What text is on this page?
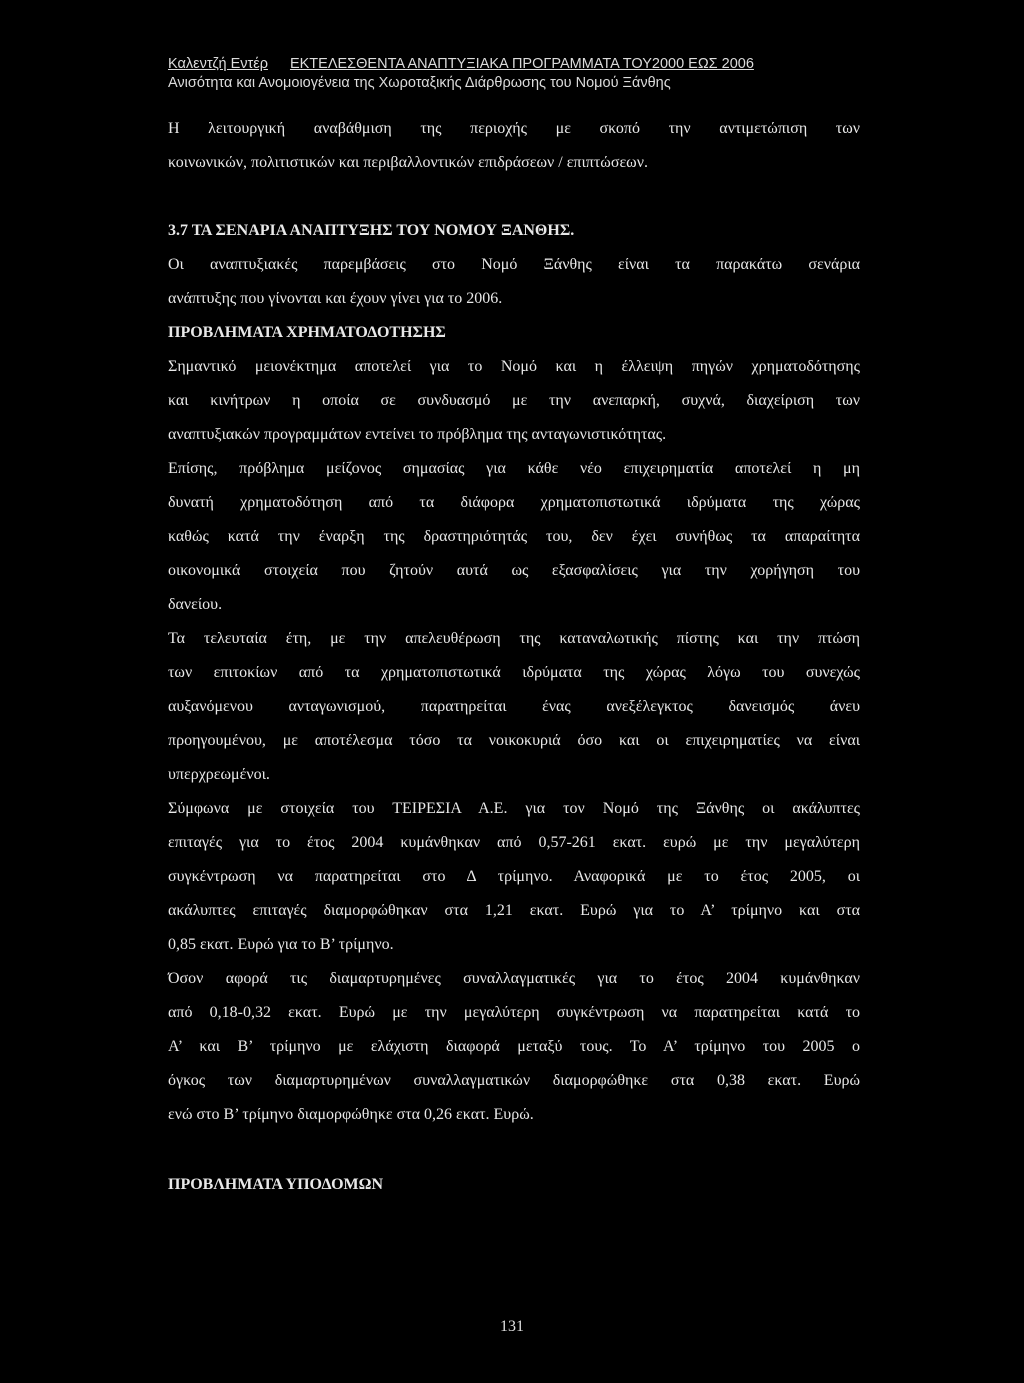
Καλεντζή Εντέρ ΕΚΤΕΛΕΣΘΕΝΤΑ ΑΝΑΠΤΥΞΙΑΚΑ ΠΡΟΓΡΑΜΜΑΤΑ ΤΟΥ2000 ΕΩΣ 2006
Ανισότητα και Ανομοιογένεια της Χωροταξικής Διάρθρωσης του Νομού Ξάνθης

Η λειτουργική αναβάθμιση της περιοχής με σκοπό την αντιμετώπιση των
κοινωνικών, πολιτιστικών και περιβαλλοντικών επιδράσεων / επιπτώσεων.

3.7 ΤΑ ΣΕΝΑΡΙΑ ΑΝΑΠΤΥΞΗΣ ΤΟΥ ΝΟΜΟΥ ΞΑΝΘΗΣ.

Οι αναπτυξιακές παρεμβάσεις στο Νομό Ξάνθης είναι τα παρακάτω σενάρια
ανάπτυξης που γίνονται και έχουν γίνει για το 2006.

ΠΡΟΒΛΗΜΑΤΑ ΧΡΗΜΑΤΟΔΟΤΗΣΗΣ

Σημαντικό μειονέκτημα αποτελεί για το Νομό και η έλλειψη πηγών χρηματοδότησης
και κινήτρων η οποία σε συνδυασμό με την ανεπαρκή, συχνά, διαχείριση των
αναπτυξιακών προγραμμάτων εντείνει το πρόβλημα της ανταγωνιστικότητας.

Επίσης, πρόβλημα μείζονος σημασίας για κάθε νέο επιχειρηματία αποτελεί η μη
δυνατή χρηματοδότηση από τα διάφορα χρηματοπιστωτικά ιδρύματα της χώρας
καθώς κατά την έναρξη της δραστηριότητάς του, δεν έχει συνήθως τα απαραίτητα
οικονομικά στοιχεία που ζητούν αυτά ως εξασφαλίσεις για την χορήγηση του
δανείου.

Τα τελευταία έτη, με την απελευθέρωση της καταναλωτικής πίστης και την πτώση
των επιτοκίων από τα χρηματοπιστωτικά ιδρύματα της χώρας λόγω του συνεχώς
αυξανόμενου ανταγωνισμού, παρατηρείται ένας ανεξέλεγκτος δανεισμός άνευ
προηγουμένου, με αποτέλεσμα τόσο τα νοικοκυριά όσο και οι επιχειρηματίες να είναι
υπερχρεωμένοι.

Σύμφωνα με στοιχεία του ΤΕΙΡΕΣΙΑ Α.Ε. για τον Νομό της Ξάνθης οι ακάλυπτες
επιταγές για το έτος 2004 κυμάνθηκαν από 0,57-261 εκατ. ευρώ με την μεγαλύτερη
συγκέντρωση να παρατηρείται στο Δ τρίμηνο. Αναφορικά με το έτος 2005, οι
ακάλυπτες επιταγές διαμορφώθηκαν στα 1,21 εκατ. Ευρώ για το Α’ τρίμηνο και στα
0,85 εκατ. Ευρώ για το Β’ τρίμηνο.

Όσον αφορά τις διαμαρτυρημένες συναλλαγματικές για το έτος 2004 κυμάνθηκαν
από 0,18-0,32 εκατ. Ευρώ με την μεγαλύτερη συγκέντρωση να παρατηρείται κατά το
Α’ και Β’ τρίμηνο με ελάχιστη διαφορά μεταξύ τους. Το Α’ τρίμηνο του 2005 ο
όγκος των διαμαρτυρημένων συναλλαγματικών διαμορφώθηκε στα 0,38 εκατ. Ευρώ
ενώ στο Β’ τρίμηνο διαμορφώθηκε στα 0,26 εκατ. Ευρώ.

ΠΡΟΒΛΗΜΑΤΑ ΥΠΟΔΟΜΩΝ

131
